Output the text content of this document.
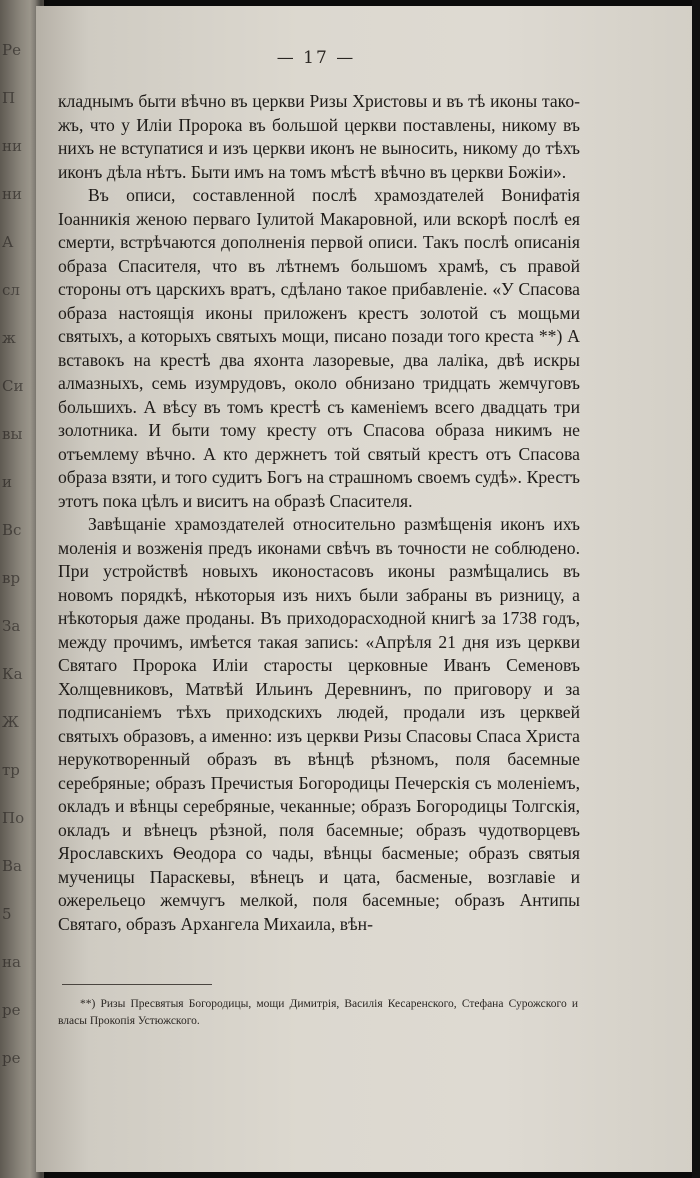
Ре
П
ни
ни
А
сл
ж
Си
вы
и
Вс
вр
За
Ка
Ж
тр
По
Ва
5
на
ре
ре
— 17 —

кладнымъ быти вѣчно въ церкви Ризы Христовы и въ тѣ иконы тако-жъ, что у Иліи Пророка въ большой церкви поставлены, никому въ нихъ не вступатися и изъ церкви иконъ не выносить, никому до тѣхъ иконъ дѣла нѣтъ. Быти имъ на томъ мѣстѣ вѣчно въ церкви Божіи».

Въ описи, составленной послѣ храмоздателей Вонифатія Іоанникія женою перваго Іулитой Макаровной, или вскорѣ послѣ ея смерти, встрѣчаются дополненія первой описи. Такъ послѣ описанія образа Спасителя, что въ лѣтнемъ большомъ храмѣ, съ правой стороны отъ царскихъ вратъ, сдѣлано такое прибавленіе. «У Спасова образа настоящія иконы приложенъ крестъ золотой съ мощьми святыхъ, а которыхъ святыхъ мощи, писано позади того креста **) А вставокъ на крестѣ два яхонта лазоревые, два лаліка, двѣ искры алмазныхъ, семь изумрудовъ, около обнизано тридцать жемчуговъ большихъ. А вѣсу въ томъ крестѣ съ каменіемъ всего двадцать три золотника. И быти тому кресту отъ Спасова образа никимъ не отъемлему вѣчно. А кто держнетъ той святый крестъ отъ Спасова образа взяти, и того судитъ Богъ на страшномъ своемъ судѣ». Крестъ этотъ пока цѣлъ и виситъ на образѣ Спасителя.

Завѣщаніе храмоздателей относительно размѣщенія иконъ ихъ моленія и возженія предъ иконами свѣчъ въ точности не соблюдено. При устройствѣ новыхъ иконостасовъ иконы размѣщались въ новомъ порядкѣ, нѣкоторыя изъ нихъ были забраны въ ризницу, а нѣкоторыя даже проданы. Въ приходорасходной книгѣ за 1738 годъ, между прочимъ, имѣется такая запись: «Апрѣля 21 дня изъ церкви Святаго Пророка Иліи старосты церковные Иванъ Семеновъ Холщевниковъ, Матвѣй Ильинъ Деревнинъ, по приговору и за подписаніемъ тѣхъ приходскихъ людей, продали изъ церквей святыхъ образовъ, а именно: изъ церкви Ризы Спасовы Спаса Христа нерукотворенный образъ въ вѣнцѣ рѣзномъ, поля басемные серебряные; образъ Пречистыя Богородицы Печерскія съ моленіемъ, окладъ и вѣнцы серебряные, чеканные; образъ Богородицы Толгскія, окладъ и вѣнецъ рѣзной, поля басемные; образъ чудотворцевъ Ярославскихъ Ѳеодора со чады, вѣнцы басменые; образъ святыя мученицы Параскевы, вѣнецъ и цата, басменые, возглавіе и ожерельецо жемчугъ мелкой, поля басемные; образъ Антипы Святаго, образъ Архангела Михаила, вѣн-

**) Ризы Пресвятыя Богородицы, мощи Димитрія, Василія Кесаренского, Стефана Сурожского и власы Прокопія Устюжского.
